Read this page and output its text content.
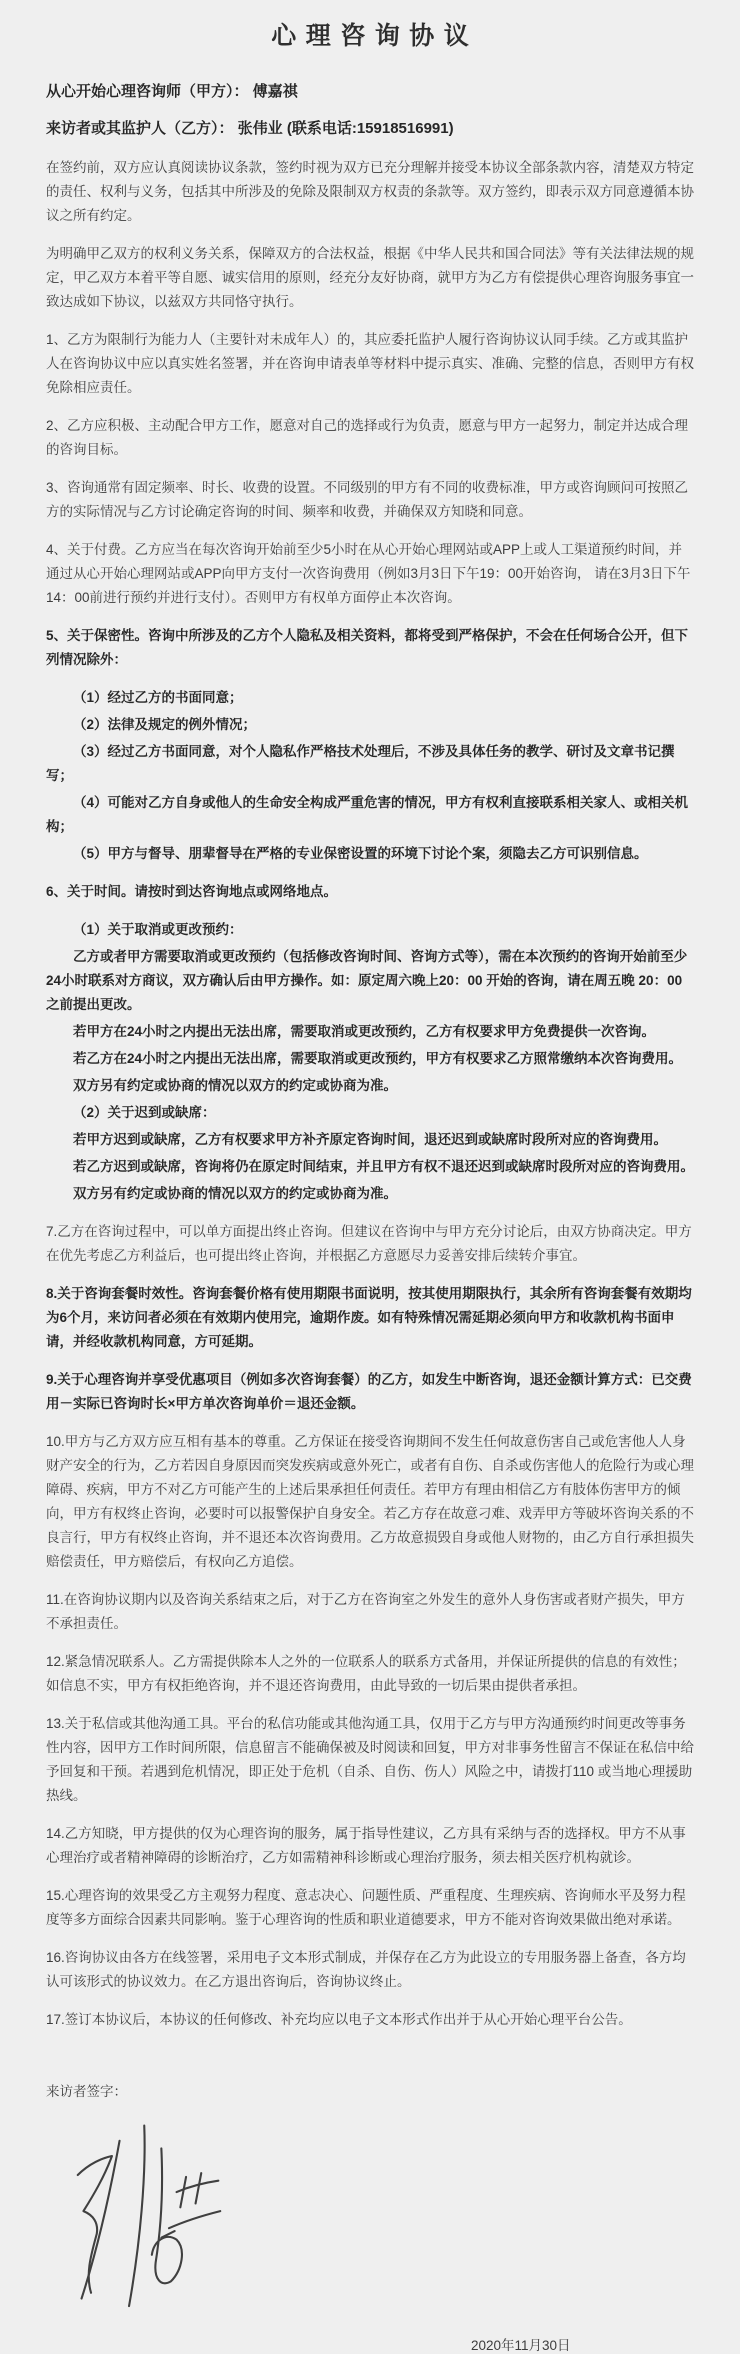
心理咨询协议

从心开始心理咨询师（甲方）： 傅嘉祺

来访者或其监护人（乙方）： 张伟业 (联系电话:15918516991)

在签约前，双方应认真阅读协议条款，签约时视为双方已充分理解并接受本协议全部条款内容，清楚双方特定的责任、权利与义务，包括其中所涉及的免除及限制双方权责的条款等。双方签约，即表示双方同意遵循本协议之所有约定。

为明确甲乙双方的权利义务关系，保障双方的合法权益，根据《中华人民共和国合同法》等有关法律法规的规定，甲乙双方本着平等自愿、诚实信用的原则，经充分友好协商，就甲方为乙方有偿提供心理咨询服务事宜一致达成如下协议，以兹双方共同恪守执行。

1、乙方为限制行为能力人（主要针对未成年人）的，其应委托监护人履行咨询协议认同手续。乙方或其监护人在咨询协议中应以真实姓名签署，并在咨询申请表单等材料中提示真实、准确、完整的信息，否则甲方有权免除相应责任。

2、乙方应积极、主动配合甲方工作，愿意对自己的选择或行为负责，愿意与甲方一起努力，制定并达成合理的咨询目标。

3、咨询通常有固定频率、时长、收费的设置。不同级别的甲方有不同的收费标准，甲方或咨询顾问可按照乙方的实际情况与乙方讨论确定咨询的时间、频率和收费，并确保双方知晓和同意。

4、关于付费。乙方应当在每次咨询开始前至少5小时在从心开始心理网站或APP上或人工渠道预约时间，并通过从心开始心理网站或APP向甲方支付一次咨询费用（例如3月3日下午19：00开始咨询， 请在3月3日下午14：00前进行预约并进行支付）。否则甲方有权单方面停止本次咨询。

5、关于保密性。咨询中所涉及的乙方个人隐私及相关资料，都将受到严格保护，不会在任何场合公开，但下列情况除外：

（1）经过乙方的书面同意；

（2）法律及规定的例外情况；

（3）经过乙方书面同意，对个人隐私作严格技术处理后，不涉及具体任务的教学、研讨及文章书记撰写；

（4）可能对乙方自身或他人的生命安全构成严重危害的情况，甲方有权利直接联系相关家人、或相关机构；

（5）甲方与督导、朋辈督导在严格的专业保密设置的环境下讨论个案，须隐去乙方可识别信息。

6、关于时间。请按时到达咨询地点或网络地点。

（1）关于取消或更改预约：

乙方或者甲方需要取消或更改预约（包括修改咨询时间、咨询方式等），需在本次预约的咨询开始前至少24小时联系对方商议，双方确认后由甲方操作。如：原定周六晚上20：00 开始的咨询，请在周五晚 20：00 之前提出更改。

若甲方在24小时之内提出无法出席，需要取消或更改预约，乙方有权要求甲方免费提供一次咨询。

若乙方在24小时之内提出无法出席，需要取消或更改预约，甲方有权要求乙方照常缴纳本次咨询费用。

双方另有约定或协商的情况以双方的约定或协商为准。

（2）关于迟到或缺席：

若甲方迟到或缺席，乙方有权要求甲方补齐原定咨询时间，退还迟到或缺席时段所对应的咨询费用。

若乙方迟到或缺席，咨询将仍在原定时间结束，并且甲方有权不退还迟到或缺席时段所对应的咨询费用。

双方另有约定或协商的情况以双方的约定或协商为准。

7.乙方在咨询过程中，可以单方面提出终止咨询。但建议在咨询中与甲方充分讨论后，由双方协商决定。甲方在优先考虑乙方利益后，也可提出终止咨询，并根据乙方意愿尽力妥善安排后续转介事宜。

8.关于咨询套餐时效性。咨询套餐价格有使用期限书面说明，按其使用期限执行，其余所有咨询套餐有效期均为6个月，来访问者必须在有效期内使用完，逾期作废。如有特殊情况需延期必须向甲方和收款机构书面申请，并经收款机构同意，方可延期。

9.关于心理咨询并享受优惠项目（例如多次咨询套餐）的乙方，如发生中断咨询，退还金额计算方式：已交费用－实际已咨询时长×甲方单次咨询单价＝退还金额。

10.甲方与乙方双方应互相有基本的尊重。乙方保证在接受咨询期间不发生任何故意伤害自己或危害他人人身财产安全的行为，乙方若因自身原因而突发疾病或意外死亡，或者有自伤、自杀或伤害他人的危险行为或心理障碍、疾病，甲方不对乙方可能产生的上述后果承担任何责任。若甲方有理由相信乙方有肢体伤害甲方的倾向，甲方有权终止咨询，必要时可以报警保护自身安全。若乙方存在故意刁难、戏弄甲方等破坏咨询关系的不良言行，甲方有权终止咨询，并不退还本次咨询费用。乙方故意损毁自身或他人财物的，由乙方自行承担损失赔偿责任，甲方赔偿后，有权向乙方追偿。

11.在咨询协议期内以及咨询关系结束之后，对于乙方在咨询室之外发生的意外人身伤害或者财产损失，甲方不承担责任。

12.紧急情况联系人。乙方需提供除本人之外的一位联系人的联系方式备用，并保证所提供的信息的有效性；如信息不实，甲方有权拒绝咨询，并不退还咨询费用，由此导致的一切后果由提供者承担。

13.关于私信或其他沟通工具。平台的私信功能或其他沟通工具，仅用于乙方与甲方沟通预约时间更改等事务性内容，因甲方工作时间所限，信息留言不能确保被及时阅读和回复，甲方对非事务性留言不保证在私信中给予回复和干预。若遇到危机情况，即正处于危机（自杀、自伤、伤人）风险之中，请拨打110 或当地心理援助热线。

14.乙方知晓，甲方提供的仅为心理咨询的服务，属于指导性建议，乙方具有采纳与否的选择权。甲方不从事心理治疗或者精神障碍的诊断治疗，乙方如需精神科诊断或心理治疗服务，须去相关医疗机构就诊。

15.心理咨询的效果受乙方主观努力程度、意志决心、问题性质、严重程度、生理疾病、咨询师水平及努力程度等多方面综合因素共同影响。鉴于心理咨询的性质和职业道德要求，甲方不能对咨询效果做出绝对承诺。

16.咨询协议由各方在线签署，采用电子文本形式制成，并保存在乙方为此设立的专用服务器上备查，各方均认可该形式的协议效力。在乙方退出咨询后，咨询协议终止。

17.签订本协议后，本协议的任何修改、补充均应以电子文本形式作出并于从心开始心理平台公告。

来访者签字：

2020年11月30日
